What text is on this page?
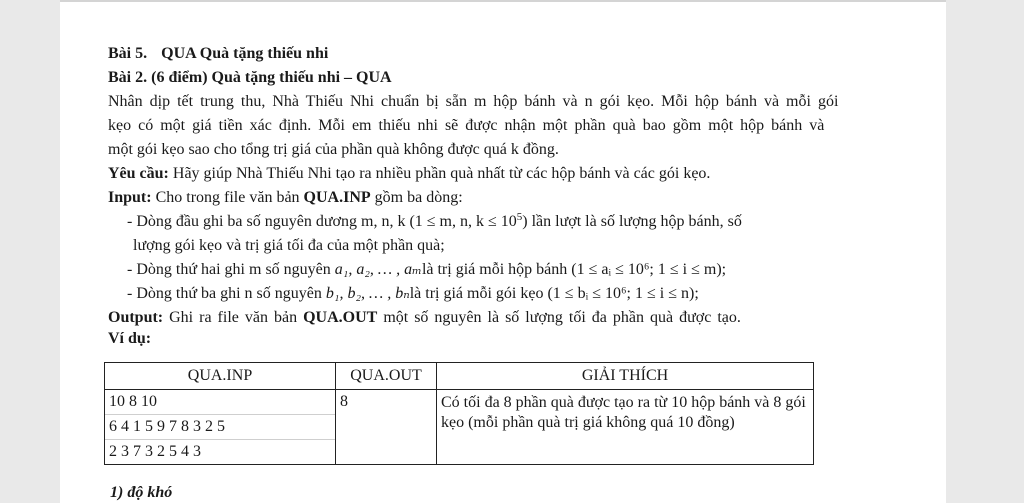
Bài 5. QUA Quà tặng thiếu nhi
Bài 2. (6 điểm) Quà tặng thiếu nhi – QUA
Nhân dịp tết trung thu, Nhà Thiếu Nhi chuẩn bị sẵn m hộp bánh và n gói kẹo. Mỗi hộp bánh và mỗi gói
kẹo có một giá tiền xác định. Mỗi em thiếu nhi sẽ được nhận một phần quà bao gồm một hộp bánh và
một gói kẹo sao cho tổng trị giá của phần quà không được quá k đồng.
Yêu cầu: Hãy giúp Nhà Thiếu Nhi tạo ra nhiều phần quà nhất từ các hộp bánh và các gói kẹo.
Input: Cho trong file văn bản QUA.INP gồm ba dòng:
- Dòng đầu ghi ba số nguyên dương m, n, k (1 ≤ m, n, $k \le 10^5$) lần lượt là số lượng hộp bánh, số
lượng gói kẹo và trị giá tối đa của một phần quà;
- Dòng thứ hai ghi m số nguyên a₁, a₂, … , aₘlà trị giá mỗi hộp bánh (1 ≤ aᵢ ≤ 10⁶; 1 ≤ i ≤ m);
- Dòng thứ ba ghi n số nguyên b₁, b₂, … , bₙlà trị giá mỗi gói kẹo (1 ≤ bᵢ ≤ 10⁶; 1 ≤ i ≤ n);
Output: Ghi ra file văn bản QUA.OUT một số nguyên là số lượng tối đa phần quà được tạo.
Ví dụ:
QUA.INP	QUA.OUT	GIẢI THÍCH

10 8 10
6 4 1 5 9 7 8 3 2 5
2 3 7 3 2 5 4 3	8	Có tối đa 8 phần quà được tạo ra từ 10 hộp bánh và 8 gói kẹo (mỗi phần quà trị giá không quá 10 đồng)
1) độ khó
